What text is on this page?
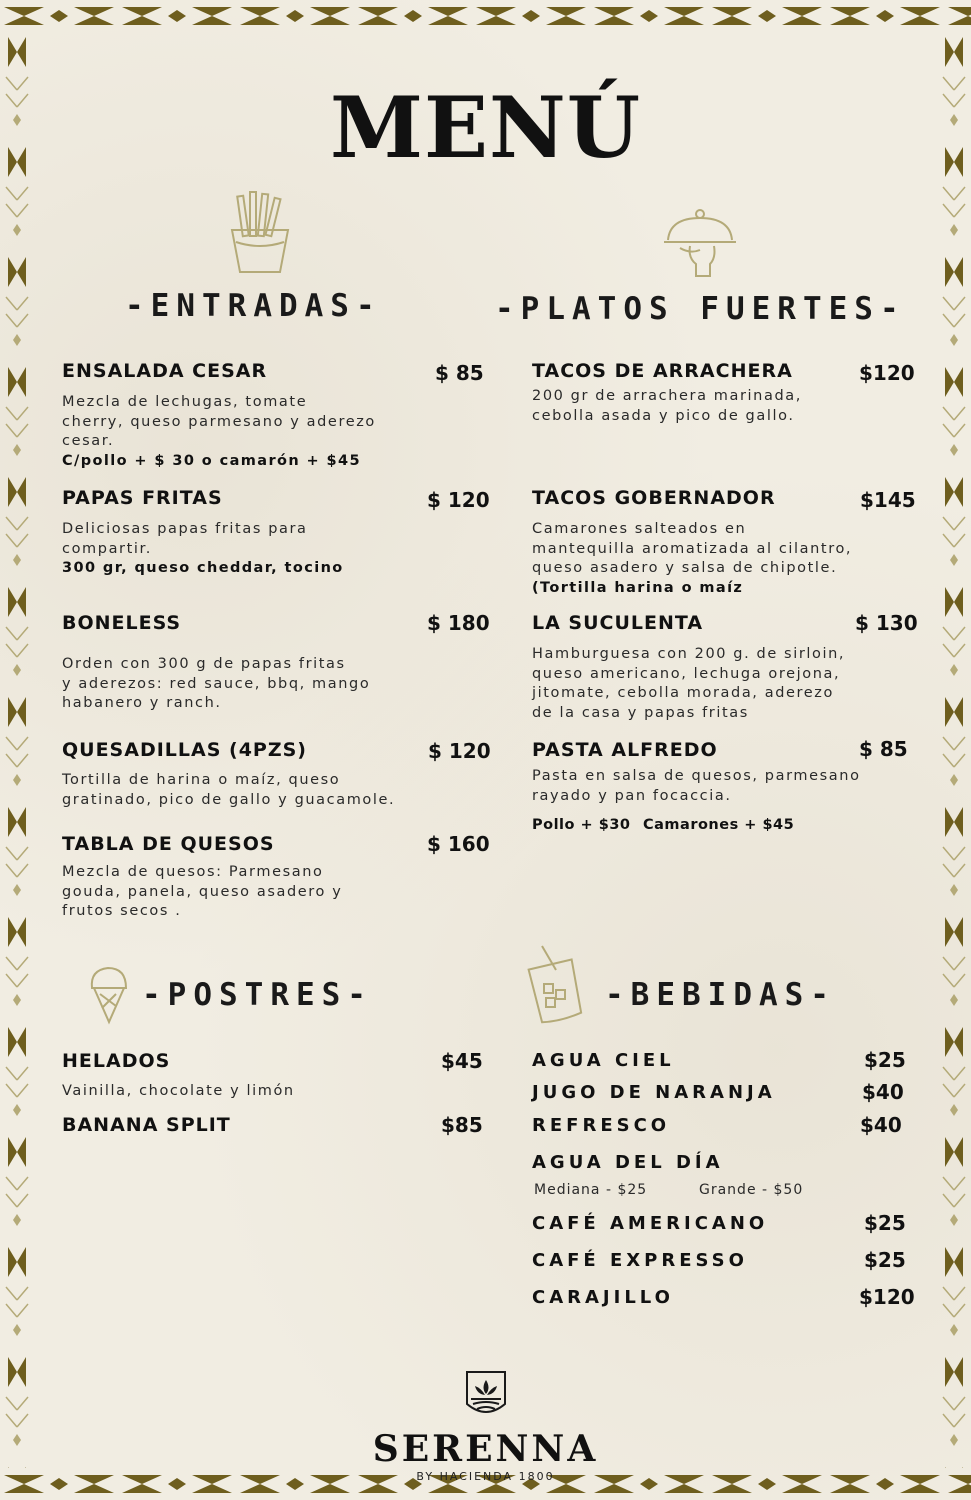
MENÚ
-ENTRADAS-	-PLATOS FUERTES-
-POSTRES-	-BEBIDAS-
ENSALADA CESAR	$ 85
Mezcla de lechugas, tomate
cherry, queso parmesano y aderezo
cesar.
C/pollo + $ 30 o camarón + $45
PAPAS FRITAS	$ 120
Deliciosas papas fritas para
compartir.
300 gr, queso cheddar, tocino
BONELESS	$ 180
Orden con 300 g de papas fritas
y aderezos: red sauce, bbq, mango
habanero y ranch.
QUESADILLAS (4PZS)	$ 120
Tortilla de harina o maíz, queso
gratinado, pico de gallo y guacamole.
TABLA DE QUESOS	$ 160
Mezcla de quesos: Parmesano
gouda, panela, queso asadero y
frutos secos .
TACOS DE ARRACHERA	$120
200 gr de arrachera marinada,
cebolla asada y pico de gallo.
TACOS GOBERNADOR	$145
Camarones salteados en
mantequilla aromatizada al cilantro,
queso asadero y salsa de chipotle.
(Tortilla harina o maíz
LA SUCULENTA	$ 130
Hamburguesa con 200 g. de sirloin,
queso americano, lechuga orejona,
jitomate, cebolla morada, aderezo
de la casa y papas fritas
PASTA ALFREDO	$ 85
Pasta en salsa de quesos, parmesano
rayado y pan focaccia.
Pollo + $30 Camarones + $45
HELADOS	$45
Vainilla, chocolate y limón
BANANA SPLIT	$85
AGUA CIEL	$25
JUGO DE NARANJA	$40
REFRESCO	$40
AGUA DEL DÍA
Mediana - $25	Grande - $50
CAFÉ AMERICANO	$25
CAFÉ EXPRESSO	$25
CARAJILLO	$120
SERENNA
BY HACIENDA 1800
